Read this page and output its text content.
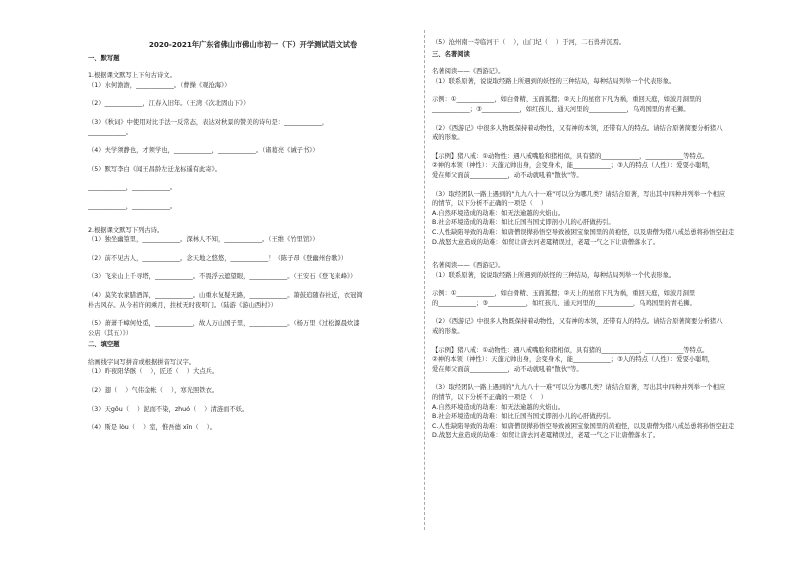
2020-2021年广东省佛山市佛山市初一（下）开学测试语文试卷
一、默写题

1.根据课文默写上下句古诗文。

（1）水何澹澹，____________。（曹操《观沧海》）

（2）____________，江春入旧年。（王湾《次北固山下》）

（3）《秋词》中使用对比手法一反常态，表达对秋景的赞美的诗句是：____________，

____________。

（4）夫学须静也，才须学也，____________，____________。（诸葛亮《诫子书》）

（5）默写李白《闻王昌龄左迁龙标遥有此寄》。

____________，____________。

____________，____________。

2.根据课文默写下列古诗。

（1）独坐幽篁里，____________。深林人不知，____________。（王维《竹里馆》）

（2）前不见古人，____________。念天地之悠悠，____________！（陈子昂《登幽州台歌》）

（3）飞来山上千寻塔，____________。不畏浮云遮望眼，____________。（王安石《登飞来峰》）

（4）莫笑农家腊酒浑，____________。山重水复疑无路，____________。箫鼓追随春社近，衣冠简

朴古风存。从今若许闲乘月，拄杖无时夜叩门。（陆游《游山西村》）

（5）萧萧千嶂何处觅，____________，故人万山国子里，____________。（杨万里《过松源晨炊漆

公店（其五）》）

二、填空题

给画线字词写拼音或根据拼音写汉字。

（1）昨夜阳华骸（    ），匠还（    ）大点兵。

（2）翅（    ）气伟金帐（    ），寒光照铁衣。

（3）天gōu（    ）泥而不染，zhuó（    ）清涟而不妖。

（4）斯是 lòu（    ）室，惟吾德 xīn（    ）。

（5）沧州南一寺临河干（    ），山门圮（    ）于河，二石兽并沉焉。

三、名著阅读

名著阅读——《西游记》。

（1）联系原著，说说取经路上所遇到的妖怪的三种结局，每种结局列举一个代表形象。

示例：①____________，如白骨精、玉面狐狸；②天上的星宿下凡为祸，重回天庭，如波月洞里的

____________；③____________，如红孩儿、通天河里的____________，乌鸡国里的青毛狮。

（2）《西游记》中很多人物既保持着动物性，又有神的本领，还带有人的特点。请结合原著简要分析猪八

戒的形象。

【示例】猪八戒：①动物性：遇八戒嘴脸和猪相似，具有猪的____________，____________等特点。

②神的本领（神性）：天蓬元帅出身，会变身术，能____________；③人的特点（人性）：爱耍小聪明，

爱在师父面前____________，动不动就吼着"散伙"等。

（3）取经团队一路上遇到的"九九八十一难"可以分为哪几类？请结合原著，写出其中四种并列举一个相应

的情节，以下分析不正确的一项是（    ）

A.自然环境造成的劫难：如无法逾越的火焰山。

B.社会环境造成的劫难：如比丘国当国丈即剖小儿的心肝做药引。

C.人性缺陷导致的劫难：如唐僧误撵孙悟空导致被困宝象国里的黄袍怪，以及唐僧为猪八戒怂恿将孙悟空赶走

D.战怒大意造成的劫难：如贸让唐去河老鼋精误过，老鼋一气之下让唐僧落水了。

名著阅读——《西游记》。

（1）联系原著，说说取经路上所遇到的妖怪的三种结局，每种结局列举一个代表形象。

示例：①____________，如白骨精、玉面狐狸；②天上的星宿下凡为祸，重回天庭，如波月洞里

的____________；③____________，如红孩儿、通天河里的____________，乌鸡国里的青毛狮。

（2）《西游记》中很多人物既保持着动物性，又有神的本领，还带有人的特点。请结合原著简要分析猪八

戒的形象。

【示例】猪八戒：①动物性：遇八戒嘴脸和猪相似，具有猪的____________，____________等特点。

②神的本领（神性）：天蓬元帅出身，会变身术，能____________；③人的特点（人性）：爱耍小聪明，

爱在师父面前____________，动不动就吼着"散伙"等。

（3）取经团队一路上遇到的"九九八十一难"可以分为哪几类？请结合原著，写出其中四种并列举一个相应

的情节，以下分析不正确的一项是（    ）

A.自然环境造成的劫难：如无法逾越的火焰山。

B.社会环境造成的劫难：如比丘国当国丈即剖小儿的心肝做药引。

C.人性缺陷导致的劫难：如唐僧误撵孙悟空导致被困宝象国里的黄袍怪，以及唐僧为猪八戒怂恿将孙悟空赶走

D.战怒大意造成的劫难：如贸让唐去河老鼋精误过，老鼋一气之下让唐僧落水了。
